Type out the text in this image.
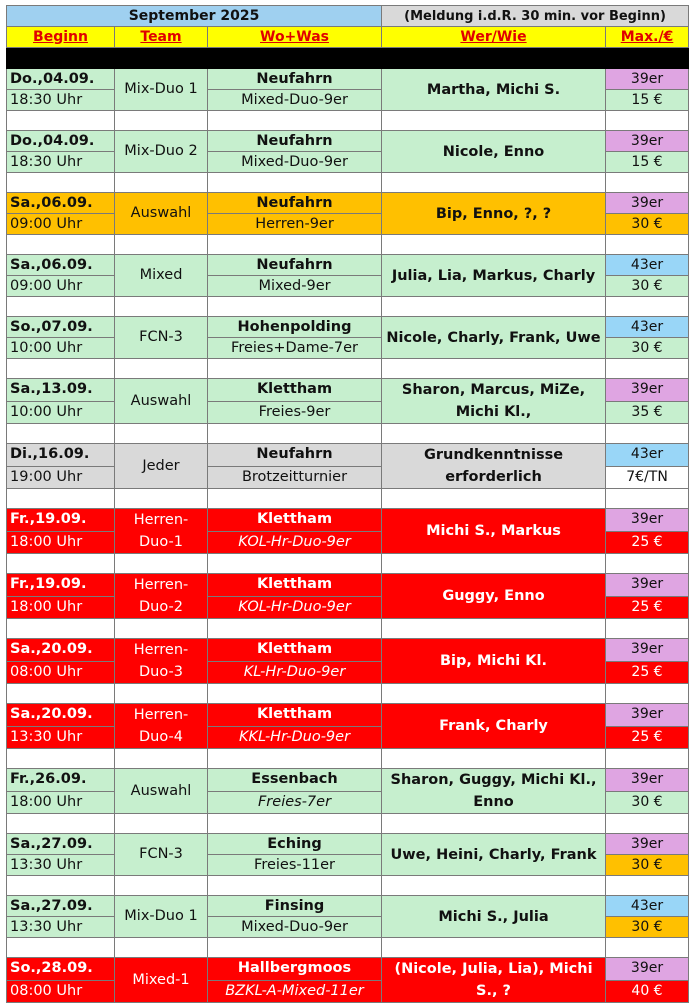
September 2025			(Meldung i.d.R. 30 min. vor Beginn)	
Beginn	Team	Wo+Was	Wer/Wie	Max./€

Do.,04.09.	Mix-Duo 1	Neufahrn	Martha, Michi S.	39er
18:30 Uhr		Mixed-Duo-9er		15 €

Do.,04.09.	Mix-Duo 2	Neufahrn	Nicole, Enno	39er
18:30 Uhr		Mixed-Duo-9er		15 €

Sa.,06.09.	Auswahl	Neufahrn	Bip, Enno, ?, ?	39er
09:00 Uhr		Herren-9er		30 €

Sa.,06.09.	Mixed	Neufahrn	Julia, Lia, Markus, Charly	43er
09:00 Uhr		Mixed-9er		30 €

So.,07.09.	FCN-3	Hohenpolding	Nicole, Charly, Frank, Uwe	43er
10:00 Uhr		Freies+Dame-7er		30 €

Sa.,13.09.	Auswahl	Klettham	Sharon, Marcus, MiZe, Michi Kl.,	39er
10:00 Uhr		Freies-9er		35 €

Di.,16.09.	Jeder	Neufahrn	Grundkenntnisse erforderlich	43er
19:00 Uhr		Brotzeitturnier		7€/TN

Fr.,19.09.	Herren-Duo-1	Klettham	Michi S., Markus	39er
18:00 Uhr		KOL-Hr-Duo-9er		25 €

Fr.,19.09.	Herren-Duo-2	Klettham	Guggy, Enno	39er
18:00 Uhr		KOL-Hr-Duo-9er		25 €

Sa.,20.09.	Herren-Duo-3	Klettham	Bip, Michi Kl.	39er
08:00 Uhr		KL-Hr-Duo-9er		25 €

Sa.,20.09.	Herren-Duo-4	Klettham	Frank, Charly	39er
13:30 Uhr		KKL-Hr-Duo-9er		25 €

Fr.,26.09.	Auswahl	Essenbach	Sharon, Guggy, Michi Kl., Enno	39er
18:00 Uhr		Freies-7er		30 €

Sa.,27.09.	FCN-3	Eching	Uwe, Heini, Charly, Frank	39er
13:30 Uhr		Freies-11er		30 €

Sa.,27.09.	Mix-Duo 1	Finsing	Michi S., Julia	43er
13:30 Uhr		Mixed-Duo-9er		30 €

So.,28.09.	Mixed-1	Hallbergmoos	(Nicole, Julia, Lia), Michi S., ?	39er
08:00 Uhr		BZKL-A-Mixed-11er		40 €
